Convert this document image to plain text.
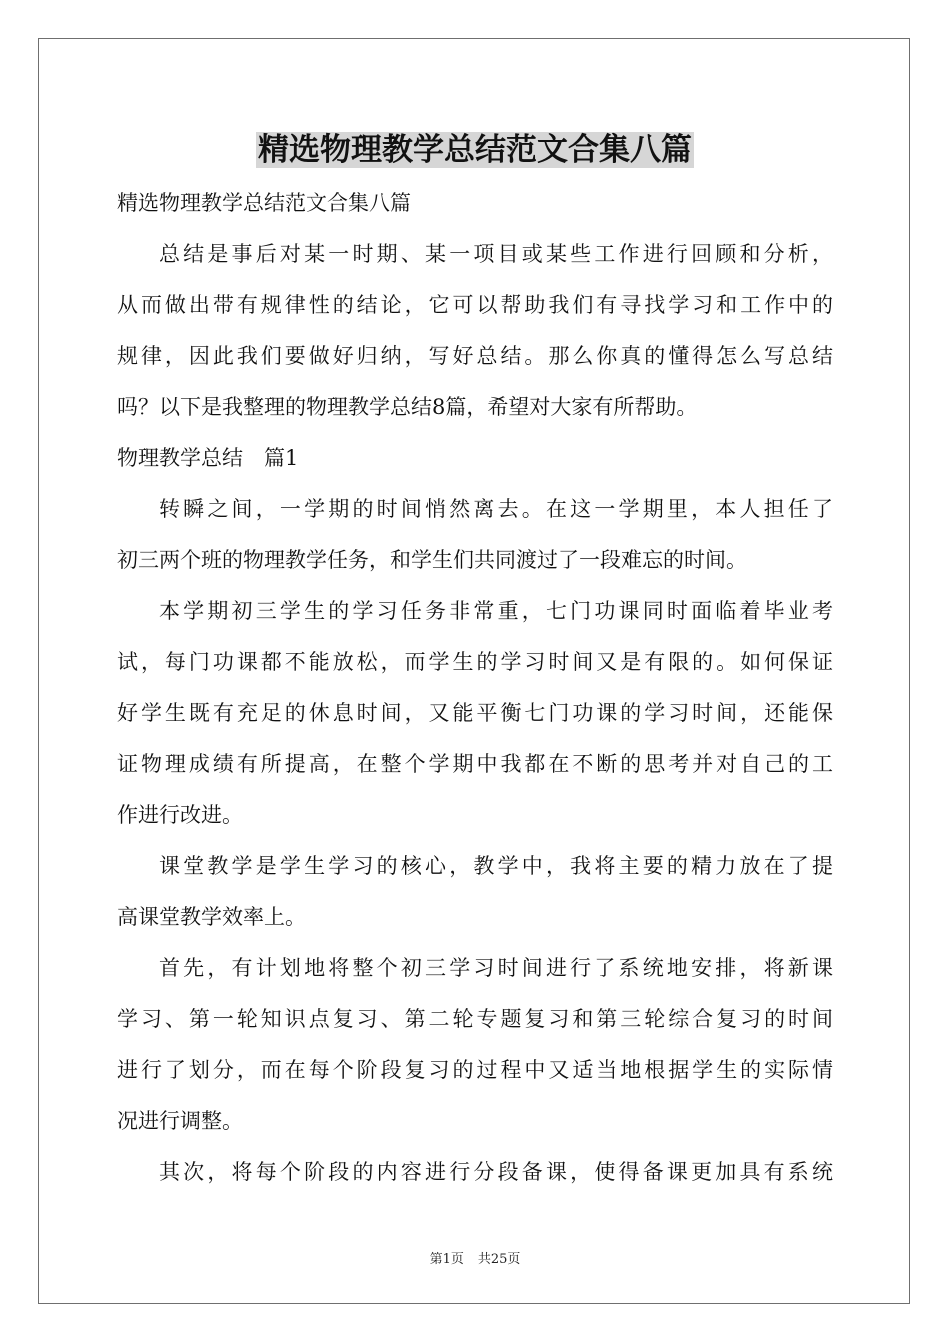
精选物理教学总结范文合集八篇
精选物理教学总结范文合集八篇
总结是事后对某一时期、某一项目或某些工作进行回顾和分析，
从而做出带有规律性的结论，它可以帮助我们有寻找学习和工作中的
规律，因此我们要做好归纳，写好总结。那么你真的懂得怎么写总结
吗？以下是我整理的物理教学总结8篇，希望对大家有所帮助。
物理教学总结　篇1
转瞬之间，一学期的时间悄然离去。在这一学期里，本人担任了
初三两个班的物理教学任务，和学生们共同渡过了一段难忘的时间。
本学期初三学生的学习任务非常重，七门功课同时面临着毕业考
试，每门功课都不能放松，而学生的学习时间又是有限的。如何保证
好学生既有充足的休息时间，又能平衡七门功课的学习时间，还能保
证物理成绩有所提高，在整个学期中我都在不断的思考并对自己的工
作进行改进。
课堂教学是学生学习的核心，教学中，我将主要的精力放在了提
高课堂教学效率上。
首先，有计划地将整个初三学习时间进行了系统地安排，将新课
学习、第一轮知识点复习、第二轮专题复习和第三轮综合复习的时间
进行了划分，而在每个阶段复习的过程中又适当地根据学生的实际情
况进行调整。
其次，将每个阶段的内容进行分段备课，使得备课更加具有系统
第1页 共25页
